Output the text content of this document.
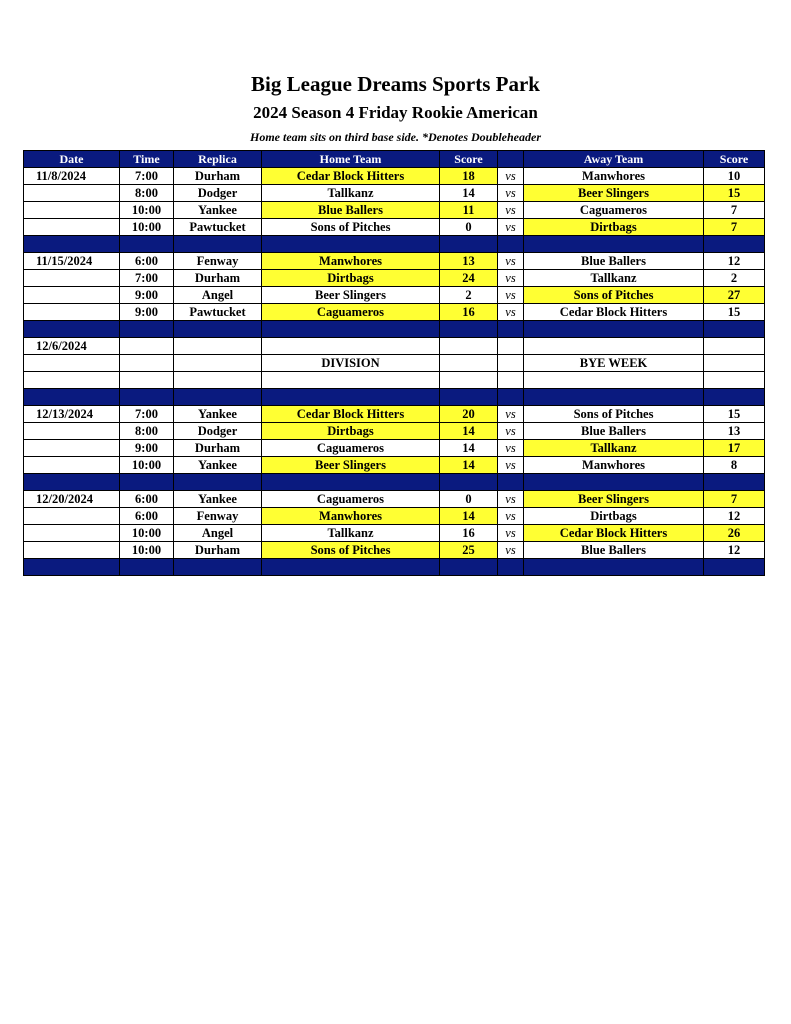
Big League Dreams Sports Park
2024 Season 4 Friday Rookie American
Home team sits on third base side. *Denotes Doubleheader
Date	Time	Replica	Home Team	Score		Away Team	Score
11/8/2024	7:00	Durham	Cedar Block Hitters	18	vs	Manwhores	10
	8:00	Dodger	Tallkanz	14	vs	Beer Slingers	15
	10:00	Yankee	Blue Ballers	11	vs	Caguameros	7
	10:00	Pawtucket	Sons of Pitches	0	vs	Dirtbags	7

11/15/2024	6:00	Fenway	Manwhores	13	vs	Blue Ballers	12
	7:00	Durham	Dirtbags	24	vs	Tallkanz	2
	9:00	Angel	Beer Slingers	2	vs	Sons of Pitches	27
	9:00	Pawtucket	Caguameros	16	vs	Cedar Block Hitters	15

12/6/2024							
			DIVISION			BYE WEEK	

12/13/2024	7:00	Yankee	Cedar Block Hitters	20	vs	Sons of Pitches	15
	8:00	Dodger	Dirtbags	14	vs	Blue Ballers	13
	9:00	Durham	Caguameros	14	vs	Tallkanz	17
	10:00	Yankee	Beer Slingers	14	vs	Manwhores	8

12/20/2024	6:00	Yankee	Caguameros	0	vs	Beer Slingers	7
	6:00	Fenway	Manwhores	14	vs	Dirtbags	12
	10:00	Angel	Tallkanz	16	vs	Cedar Block Hitters	26
	10:00	Durham	Sons of Pitches	25	vs	Blue Ballers	12
